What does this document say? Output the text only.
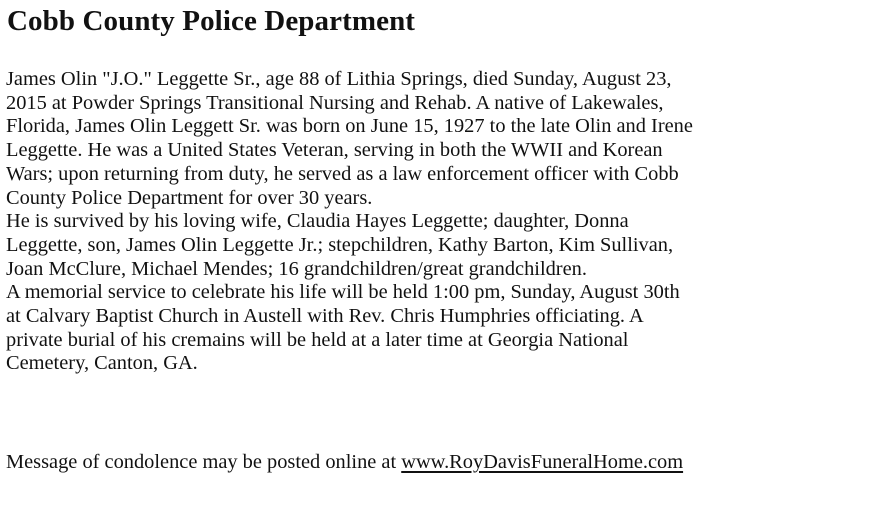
Cobb County Police Department
James Olin "J.O." Leggette Sr., age 88 of Lithia Springs, died Sunday, August 23,
2015 at Powder Springs Transitional Nursing and Rehab. A native of Lakewales,
Florida, James Olin Leggett Sr. was born on June 15, 1927 to the late Olin and Irene
Leggette. He was a United States Veteran, serving in both the WWII and Korean
Wars; upon returning from duty, he served as a law enforcement officer with Cobb
County Police Department for over 30 years.
He is survived by his loving wife, Claudia Hayes Leggette; daughter, Donna
Leggette, son, James Olin Leggette Jr.; stepchildren, Kathy Barton, Kim Sullivan,
Joan McClure, Michael Mendes; 16 grandchildren/great grandchildren.
A memorial service to celebrate his life will be held 1:00 pm, Sunday, August 30th
at Calvary Baptist Church in Austell with Rev. Chris Humphries officiating. A
private burial of his cremains will be held at a later time at Georgia National
Cemetery, Canton, GA.

Message of condolence may be posted online at www.RoyDavisFuneralHome.com
